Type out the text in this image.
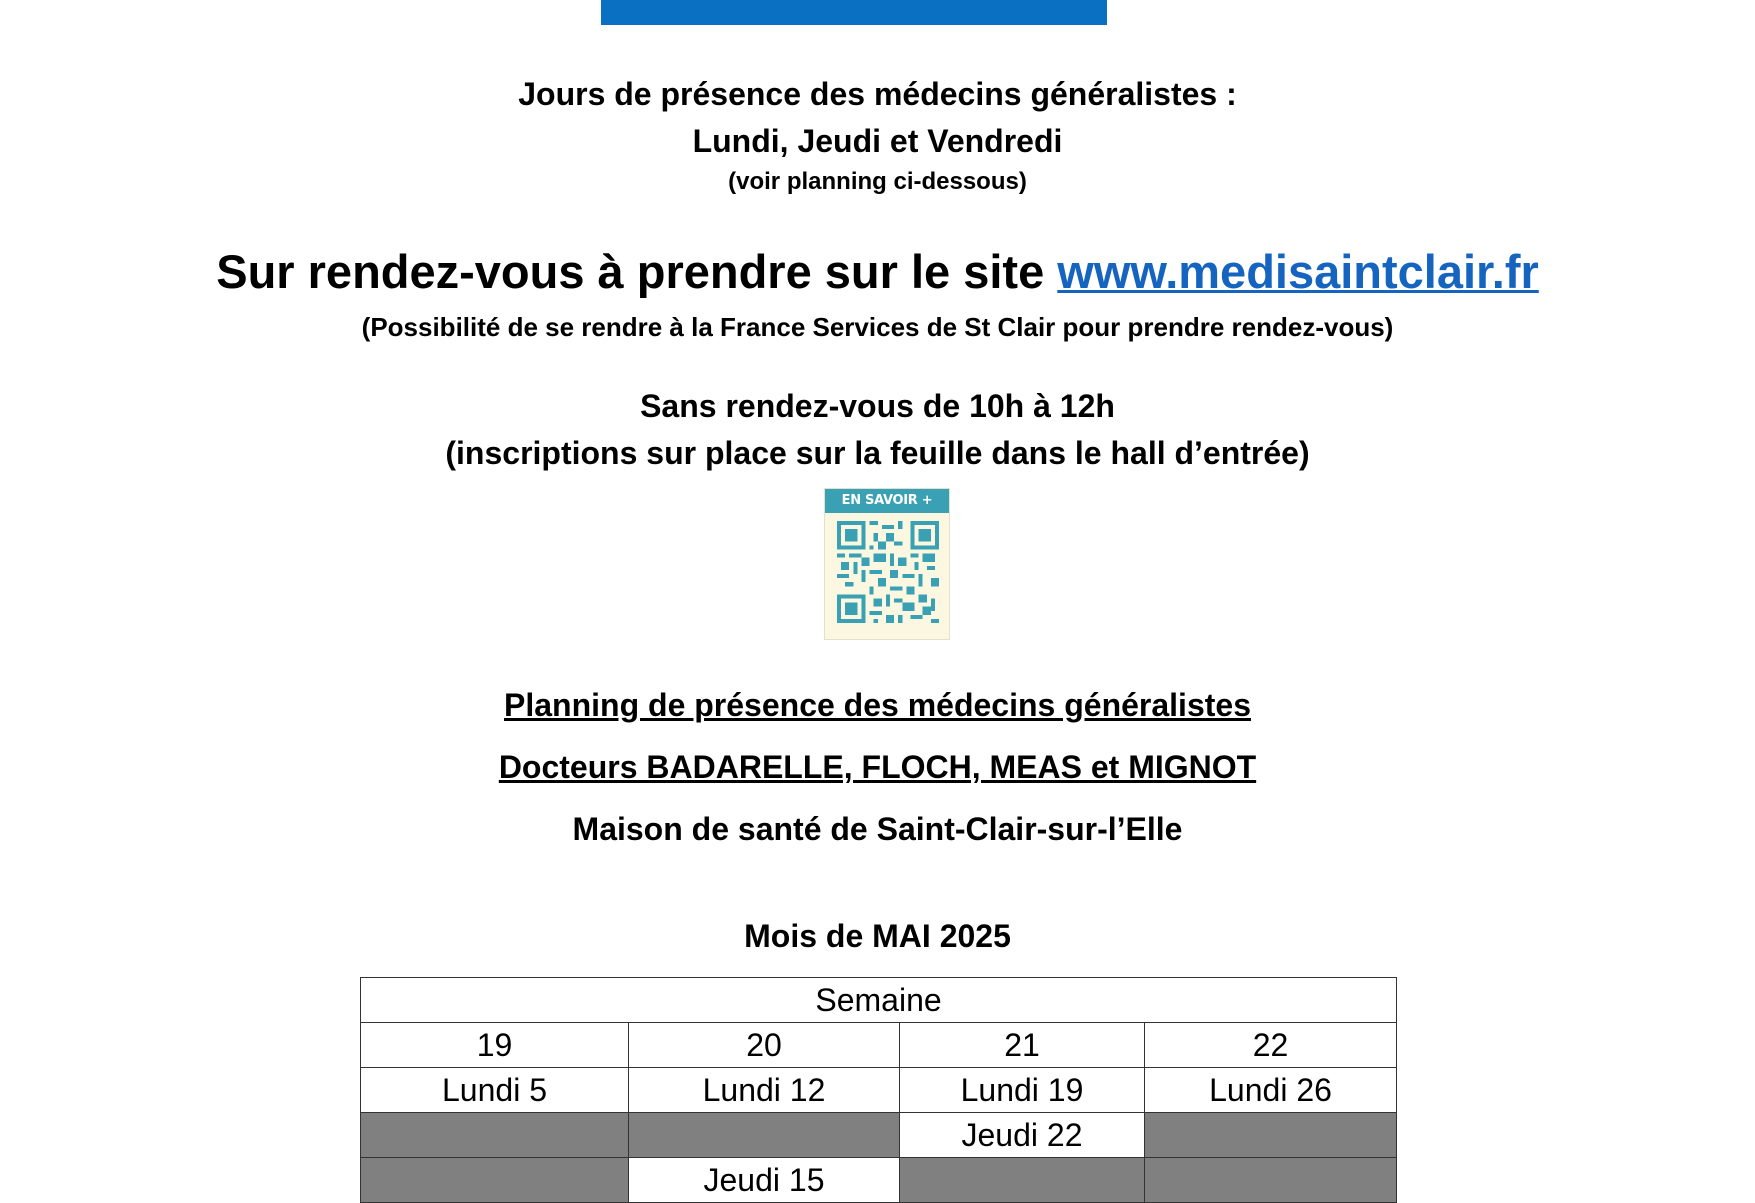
Jours de présence des médecins généralistes :
Lundi, Jeudi et Vendredi
(voir planning ci-dessous)
Sur rendez-vous à prendre sur le site www.medisaintclair.fr
(Possibilité de se rendre à la France Services de St Clair pour prendre rendez-vous)
Sans rendez-vous de 10h à 12h
(inscriptions sur place sur la feuille dans le hall d’entrée)
EN SAVOIR +
Planning de présence des médecins généralistes
Docteurs BADARELLE, FLOCH, MEAS et MIGNOT
Maison de santé de Saint-Clair-sur-l’Elle
Mois de MAI 2025
Semaine			
19	20	21	22
Lundi 5	Lundi 12	Lundi 19	Lundi 26
		Jeudi 22	
	Jeudi 15		
